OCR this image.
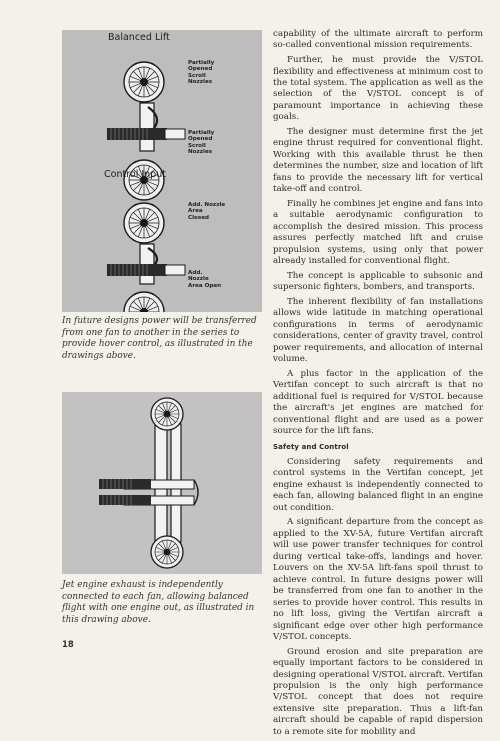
Balanced Lift
Partially
Opened
Scroll
Nozzles
Partially
Opened
Scroll
Nozzles
Control Input
Add. Nozzle
Area
Closed
Add.
Nozzle
Area Open
In future designs power will be transferred from one fan to another in the series to provide hover control, as illustrated in the drawings above.
Jet engine exhaust is independently connected to each fan, allowing balanced flight with one engine out, as illustrated in this drawing above.

capability of the ultimate aircraft to perform so-called conventional mission requirements.

Further, he must provide the V/STOL flexibility and effectiveness at minimum cost to the total system. The application as well as the selection of the V/STOL concept is of paramount importance in achieving these goals.

The designer must determine first the jet engine thrust required for conventional flight. Working with this available thrust he then determines the number, size and location of lift fans to provide the necessary lift for vertical take-off and control.

Finally he combines jet engine and fans into a suitable aerodynamic configuration to accomplish the desired mission. This process assures perfectly matched lift and cruise propulsion systems, using only that power already installed for conventional flight.

The concept is applicable to subsonic and supersonic fighters, bombers, and transports.

The inherent flexibility of fan installations allows wide latitude in matching operational configurations in terms of aerodynamic considerations, center of gravity travel, control power requirements, and allocation of internal volume.

A plus factor in the application of the Vertifan concept to such aircraft is that no additional fuel is required for V/STOL because the aircraft's jet engines are matched for conventional flight and are used as a power source for the lift fans.

Safety and Control

Considering safety requirements and control systems in the Vertifan concept, jet engine exhaust is independently connected to each fan, allowing balanced flight in an engine out condition.

A significant departure from the concept as applied to the XV-5A, future Vertifan aircraft will use power transfer techniques for control during vertical take-offs, landings and hover. Louvers on the XV-5A lift-fans spoil thrust to achieve control. In future designs power will be transferred from one fan to another in the series to provide hover control. This results in no lift loss, giving the Vertifan aircraft a significant edge over other high performance V/STOL concepts.

Ground erosion and site preparation are equally important factors to be considered in designing operational V/STOL aircraft. Vertifan propulsion is the only high performance V/STOL concept that does not require extensive site preparation. Thus a lift-fan aircraft should be capable of rapid dispersion to a remote site for mobility and

18
